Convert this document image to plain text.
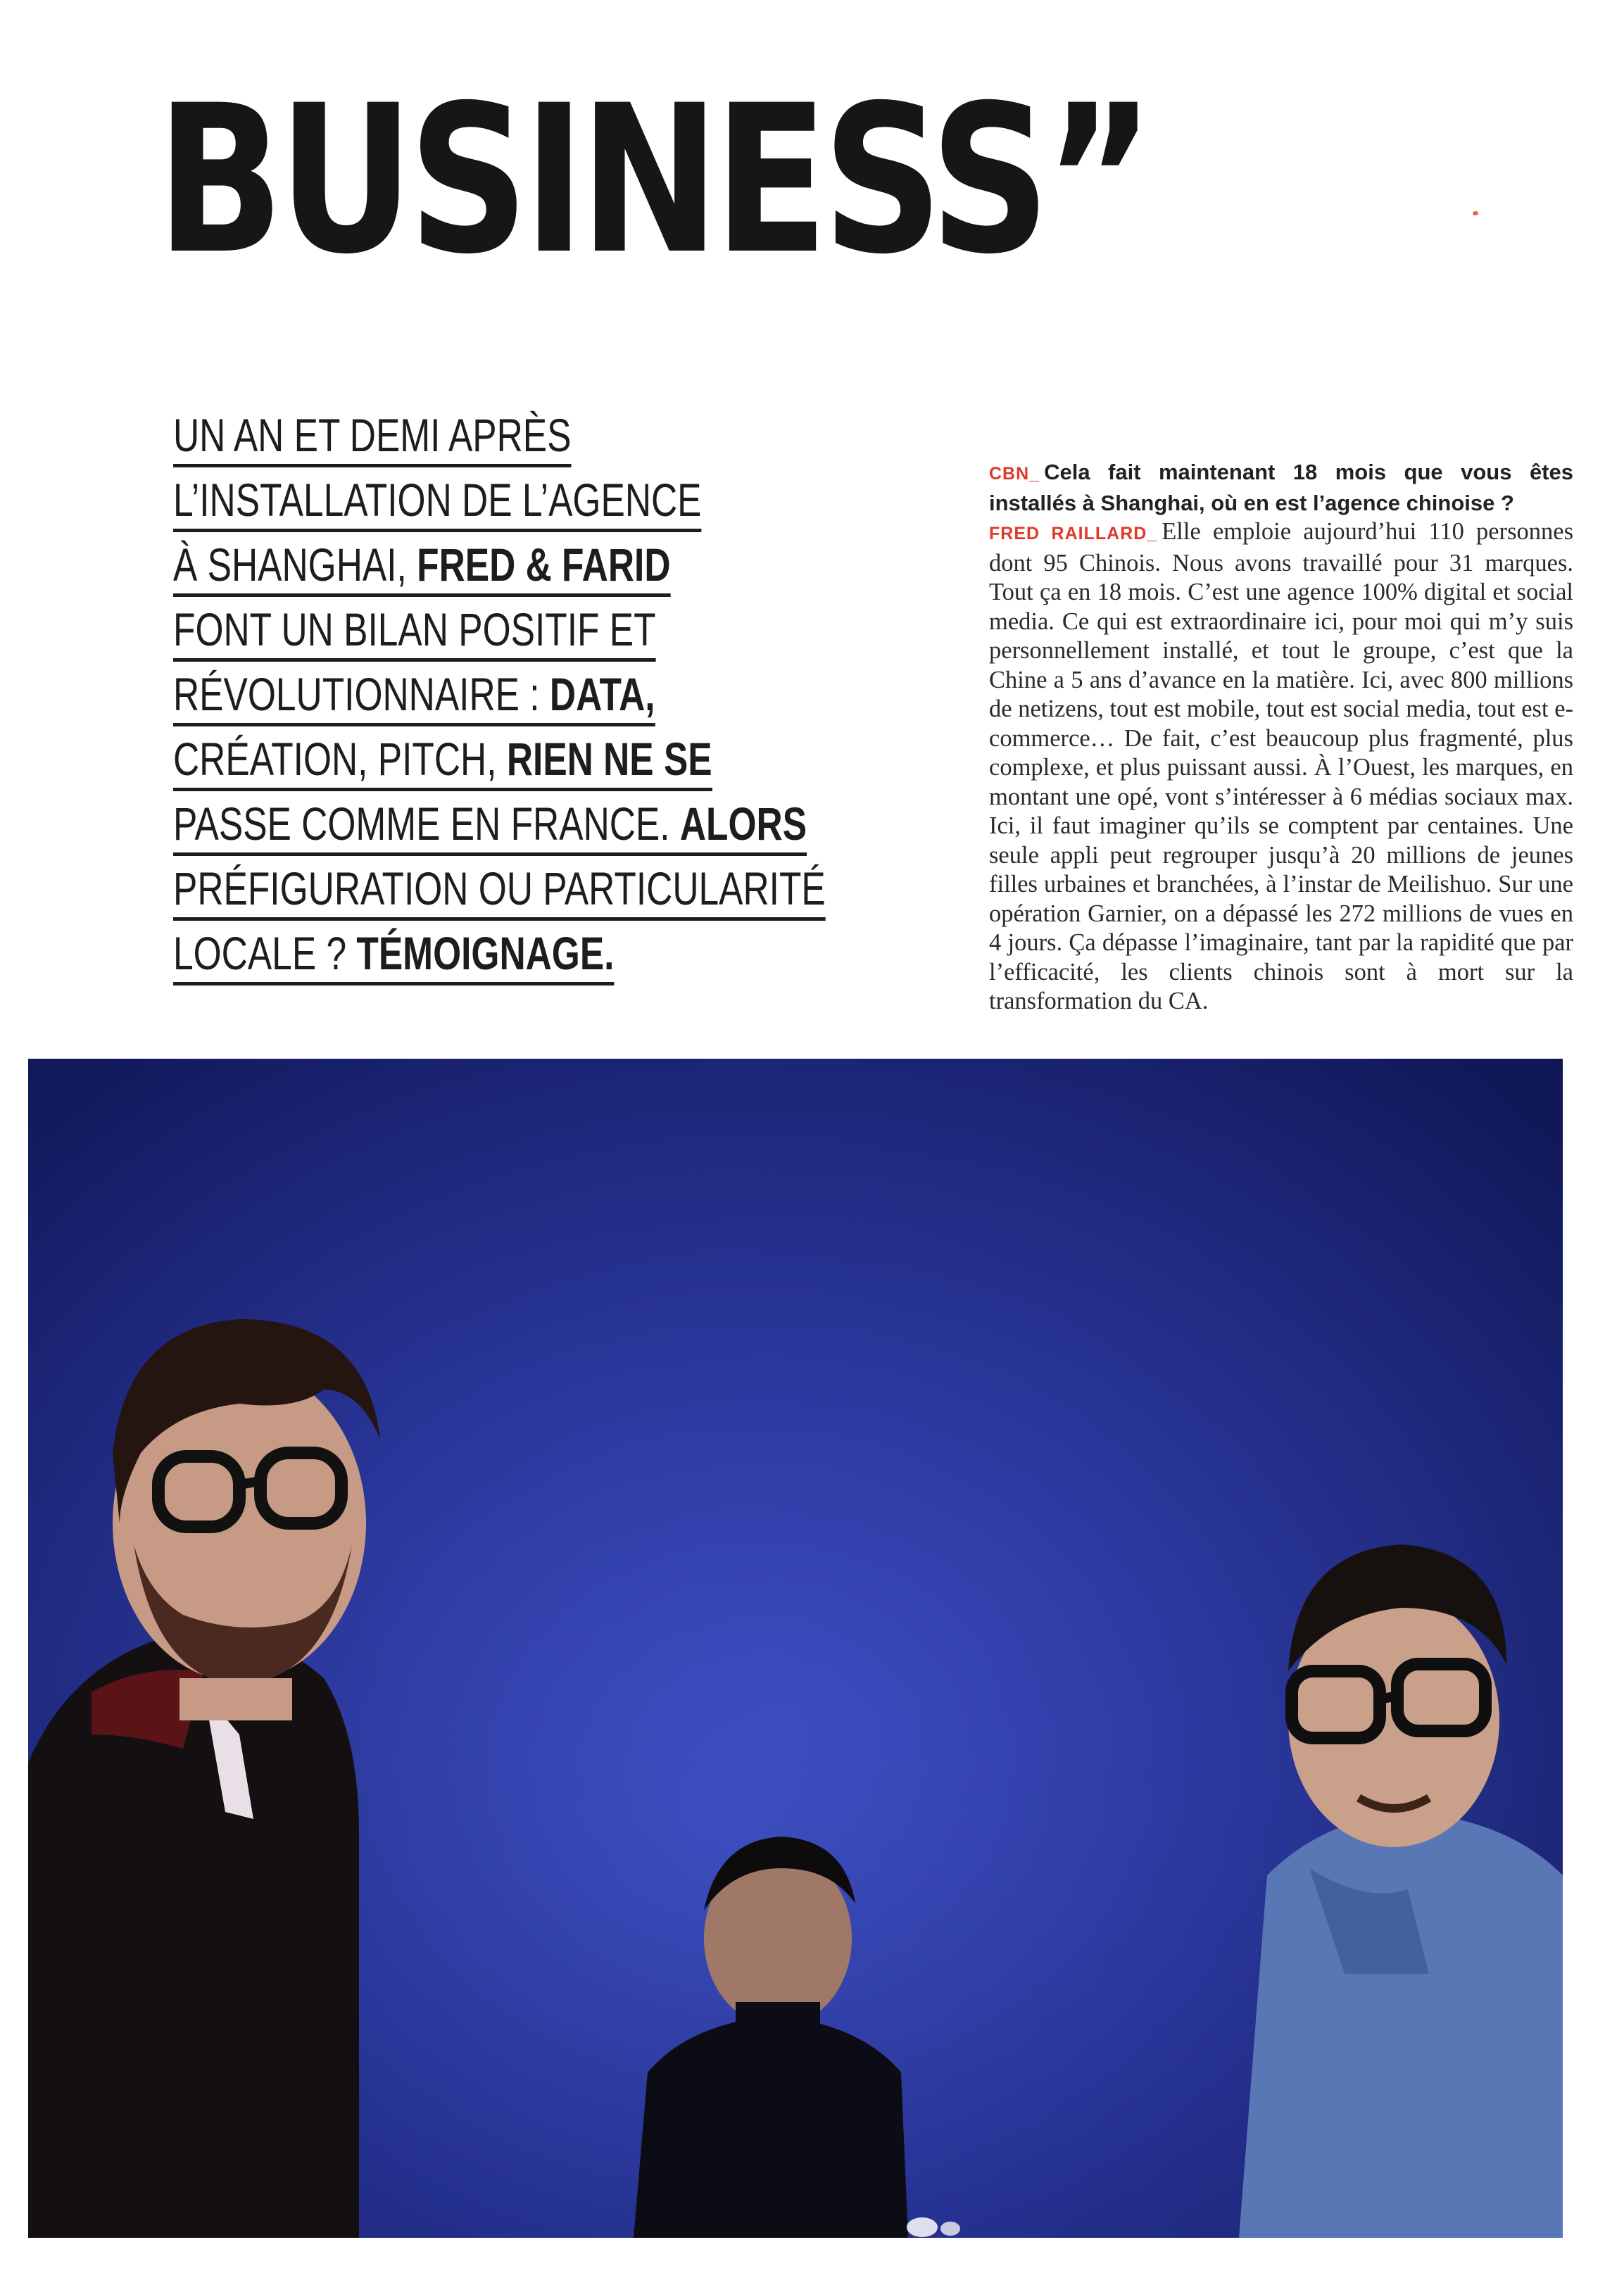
BUSINESS”
UN AN ET DEMI APRÈS
L’INSTALLATION DE L’AGENCE
À SHANGHAI, FRED & FARID
FONT UN BILAN POSITIF ET
RÉVOLUTIONNAIRE : DATA,
CRÉATION, PITCH, RIEN NE SE
PASSE COMME EN FRANCE. ALORS
PRÉFIGURATION OU PARTICULARITÉ
LOCALE ? TÉMOIGNAGE.

CBN_ Cela fait maintenant 18 mois que vous êtes installés à Shanghai, où en est l’agence chinoise ?

FRED RAILLARD_ Elle emploie aujourd’hui 110 personnes dont 95 Chinois. Nous avons travaillé pour 31 marques. Tout ça en 18 mois. C’est une agence 100% digital et social media. Ce qui est extraordinaire ici, pour moi qui m’y suis personnellement installé, et tout le groupe, c’est que la Chine a 5 ans d’avance en la matière. Ici, avec 800 millions de netizens, tout est mobile, tout est social media, tout est e-commerce… De fait, c’est beaucoup plus fragmenté, plus complexe, et plus puissant aussi. À l’Ouest, les marques, en montant une opé, vont s’intéresser à 6 médias sociaux max. Ici, il faut imaginer qu’ils se comptent par centaines. Une seule appli peut regrouper jusqu’à 20 millions de jeunes filles urbaines et branchées, à l’instar de Meilishuo. Sur une opération Garnier, on a dépassé les 272 millions de vues en 4 jours. Ça dépasse l’imaginaire, tant par la rapidité que par l’efficacité, les clients chinois sont à mort sur la transformation du CA.
